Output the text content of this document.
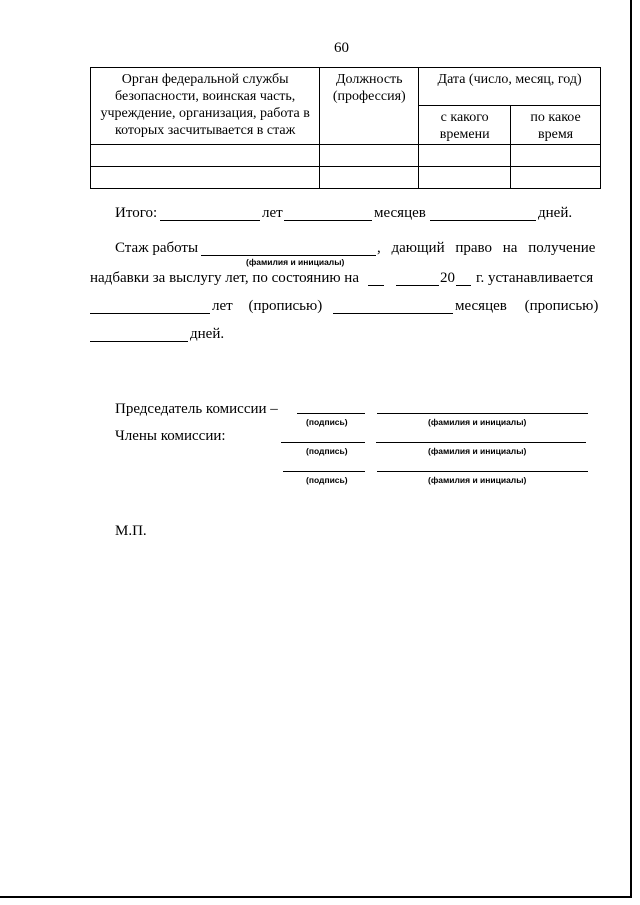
60
Орган федеральной службы безопасности, воинская часть, учреждение, организация, работа в которых засчитывается в стаж	Должность (профессия)	Дата (число, месяц, год)	

		с какого времени	по какое время

Итого:	лет	месяцев	дней.
Стаж работы
(фамилия и инициалы)
, дающий право на получение
надбавки за выслугу лет, по состоянию на	20 г. устанавливается
лет (прописью)	месяцев (прописью)
дней.
Председатель комиссии –
(подпись)	(фамилия и инициалы)
Члены комиссии:
(подпись)	(фамилия и инициалы)
(подпись)	(фамилия и инициалы)
М.П.
